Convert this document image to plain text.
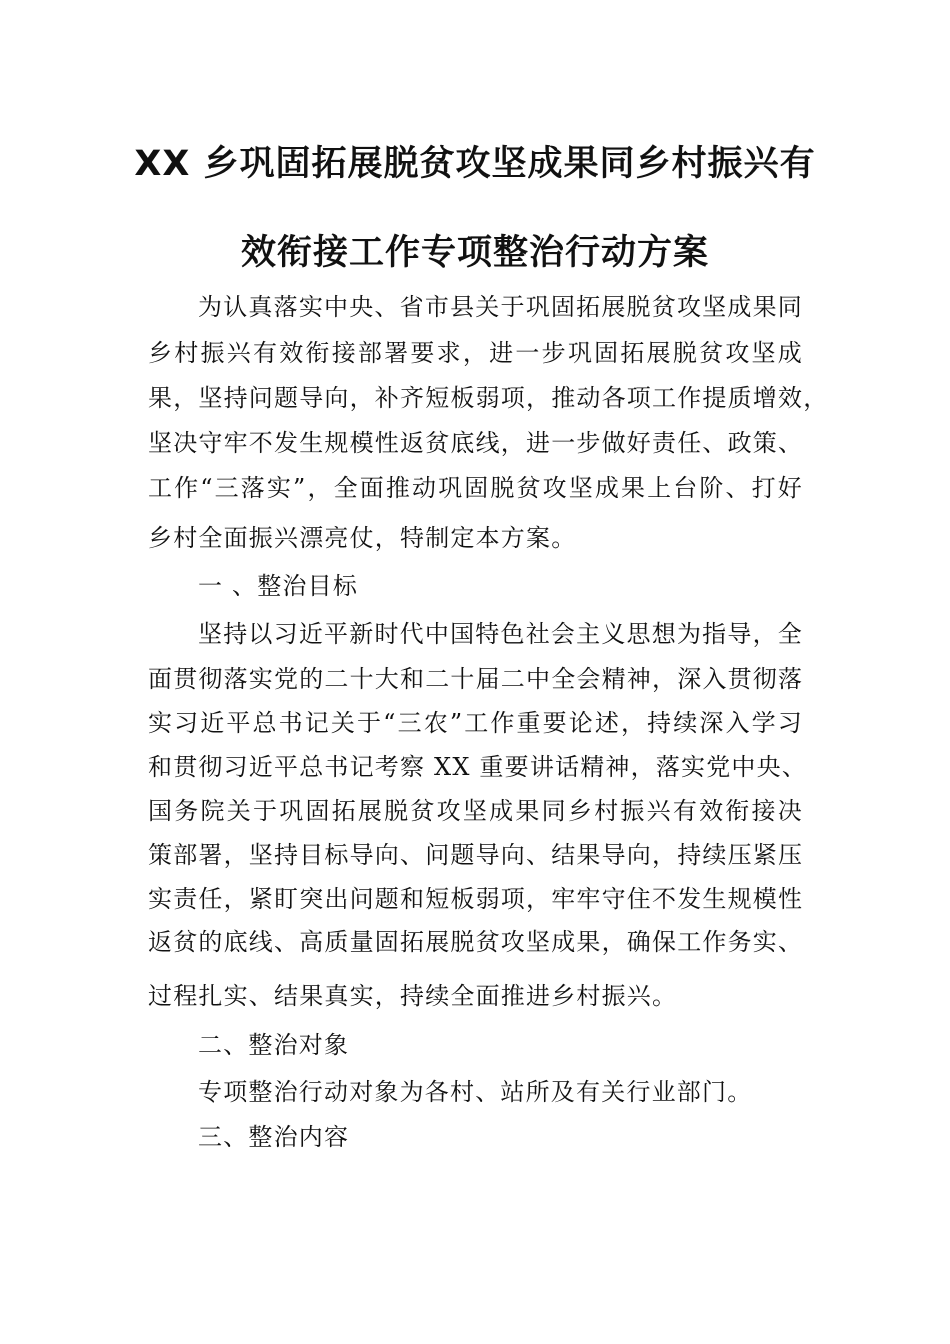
XX 乡巩固拓展脱贫攻坚成果同乡村振兴有
效衔接工作专项整治行动方案
为认真落实中央、省市县关于巩固拓展脱贫攻坚成果同
乡村振兴有效衔接部署要求，进一步巩固拓展脱贫攻坚成
果，坚持问题导向，补齐短板弱项，推动各项工作提质增效，
坚决守牢不发生规模性返贫底线，进一步做好责任、政策、
工作“三落实”，全面推动巩固脱贫攻坚成果上台阶、打好
乡村全面振兴漂亮仗，特制定本方案。
一 、整治目标
坚持以习近平新时代中国特色社会主义思想为指导，全
面贯彻落实党的二十大和二十届二中全会精神，深入贯彻落
实习近平总书记关于“三农”工作重要论述，持续深入学习
和贯彻习近平总书记考察 XX 重要讲话精神，落实党中央、
国务院关于巩固拓展脱贫攻坚成果同乡村振兴有效衔接决
策部署，坚持目标导向、问题导向、结果导向，持续压紧压
实责任，紧盯突出问题和短板弱项，牢牢守住不发生规模性
返贫的底线、高质量固拓展脱贫攻坚成果，确保工作务实、
过程扎实、结果真实，持续全面推进乡村振兴。
二、整治对象
专项整治行动对象为各村、站所及有关行业部门。
三、整治内容
